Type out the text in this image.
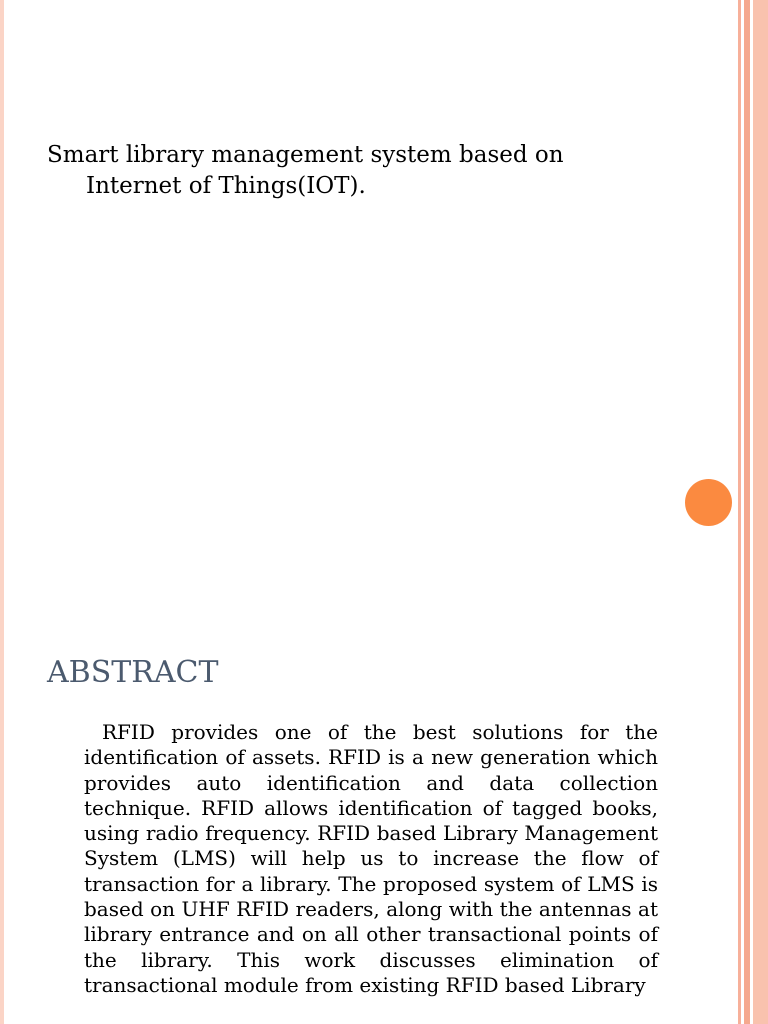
Smart library management system based on
Internet of Things(IOT).

ABSTRACT

RFID provides one of the best solutions for the identification of assets. RFID is a new generation which provides auto identification and data collection technique. RFID allows identification of tagged books, using radio frequency. RFID based Library Management System (LMS) will help us to increase the flow of transaction for a library. The proposed system of LMS is based on UHF RFID readers, along with the antennas at library entrance and on all other transactional points of the library. This work discusses elimination of transactional module from existing RFID based Library
